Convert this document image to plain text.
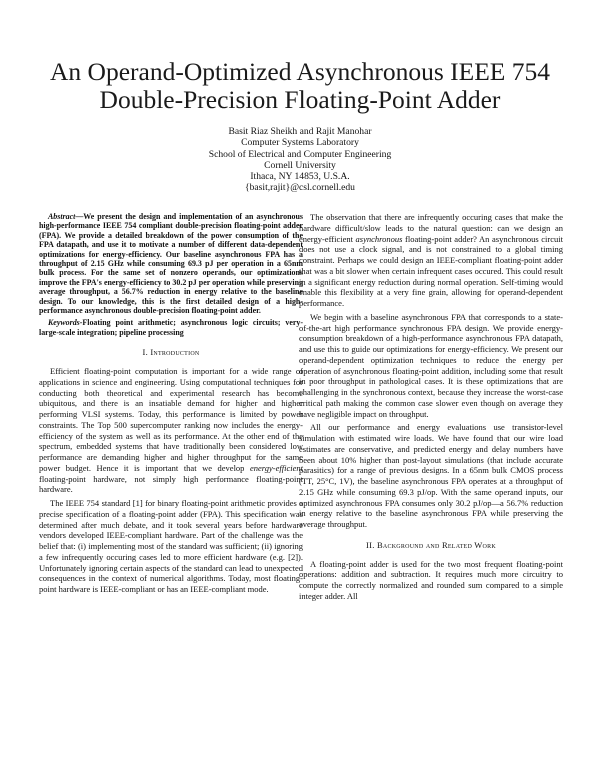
An Operand-Optimized Asynchronous IEEE 754
Double-Precision Floating-Point Adder
Basit Riaz Sheikh and Rajit Manohar
Computer Systems Laboratory
School of Electrical and Computer Engineering
Cornell University
Ithaca, NY 14853, U.S.A.
{basit,rajit}@csl.cornell.edu

Abstract—We present the design and implementation of an asynchronous high-performance IEEE 754 compliant double-precision floating-point adder (FPA). We provide a detailed breakdown of the power consumption of the FPA datapath, and use it to motivate a number of different data-dependent optimizations for energy-efficiency. Our baseline asynchronous FPA has a throughput of 2.15 GHz while consuming 69.3 pJ per operation in a 65nm bulk process. For the same set of nonzero operands, our optimizations improve the FPA's energy-efficiency to 30.2 pJ per operation while preserving average throughput, a 56.7% reduction in energy relative to the baseline design. To our knowledge, this is the first detailed design of a high-performance asynchronous double-precision floating-point adder.

Keywords-Floating point arithmetic; asynchronous logic circuits; very-large-scale integration; pipeline processing

I. Introduction

Efficient floating-point computation is important for a wide range of applications in science and engineering. Using computational techniques for conducting both theoretical and experimental research has become ubiquitous, and there is an insatiable demand for higher and higher performing VLSI systems. Today, this performance is limited by power constraints. The Top 500 supercomputer ranking now includes the energy-efficiency of the system as well as its performance. At the other end of the spectrum, embedded systems that have traditionally been considered low performance are demanding higher and higher throughput for the same power budget. Hence it is important that we develop energy-efficient floating-point hardware, not simply high performance floating-point hardware.

The IEEE 754 standard [1] for binary floating-point arithmetic provides a precise specification of a floating-point adder (FPA). This specification was determined after much debate, and it took several years before hardware vendors developed IEEE-compliant hardware. Part of the challenge was the belief that: (i) implementing most of the standard was sufficient; (ii) ignoring a few infrequently occuring cases led to more efficient hardware (e.g. [2]). Unfortunately ignoring certain aspects of the standard can lead to unexpected consequences in the context of numerical algorithms. Today, most floating-point hardware is IEEE-compliant or has an IEEE-compliant mode.

The observation that there are infrequently occuring cases that make the hardware difficult/slow leads to the natural question: can we design an energy-efficient asynchronous floating-point adder? An asynchronous circuit does not use a clock signal, and is not constrained to a global timing constraint. Perhaps we could design an IEEE-compliant floating-point adder that was a bit slower when certain infrequent cases occured. This could result in a significant energy reduction during normal operation. Self-timing would enable this flexibility at a very fine grain, allowing for operand-dependent performance.

We begin with a baseline asynchronous FPA that corresponds to a state-of-the-art high performance synchronous FPA design. We provide energy-consumption breakdown of a high-performance asynchronous FPA datapath, and use this to guide our optimizations for energy-efficiency. We present our operand-dependent optimization techniques to reduce the energy per operation of asynchronous floating-point addition, including some that result in poor throughput in pathological cases. It is these optimizations that are challenging in the synchronous context, because they increase the worst-case critical path making the common case slower even though on average they have negligible impact on throughput.

All our performance and energy evaluations use transistor-level simulation with estimated wire loads. We have found that our wire load estimates are conservative, and predicted energy and delay numbers have been about 10% higher than post-layout simulations (that include accurate parasitics) for a range of previous designs. In a 65nm bulk CMOS process (TT, 25°C, 1V), the baseline asynchronous FPA operates at a throughput of 2.15 GHz while consuming 69.3 pJ/op. With the same operand inputs, our optimized asynchronous FPA consumes only 30.2 pJ/op—a 56.7% reduction in energy relative to the baseline asynchronous FPA while preserving the average throughput.

II. Background and Related Work

A floating-point adder is used for the two most frequent floating-point operations: addition and subtraction. It requires much more circuitry to compute the correctly normalized and rounded sum compared to a simple integer adder. All
